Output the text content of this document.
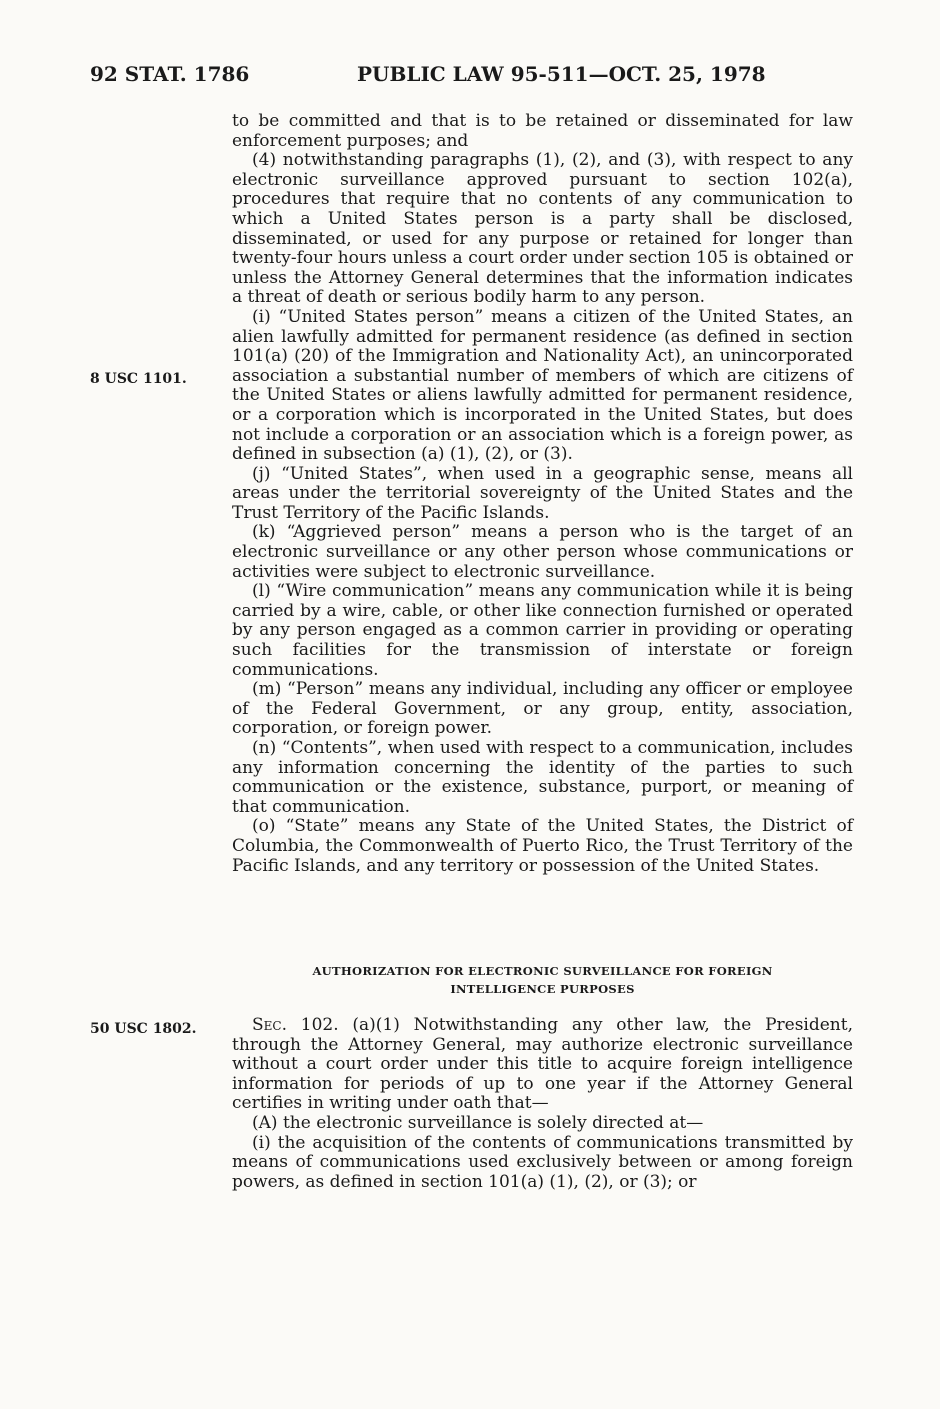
92 STAT. 1786	PUBLIC LAW 95-511—OCT. 25, 1978
8 USC 1101.
50 USC 1802.

to be committed and that is to be retained or disseminated for law enforcement purposes; and

(4) notwithstanding paragraphs (1), (2), and (3), with respect to any electronic surveillance approved pursuant to section 102(a), procedures that require that no contents of any communication to which a United States person is a party shall be disclosed, disseminated, or used for any purpose or retained for longer than twenty-four hours unless a court order under section 105 is obtained or unless the Attorney General determines that the information indicates a threat of death or serious bodily harm to any person.

(i) “United States person” means a citizen of the United States, an alien lawfully admitted for permanent residence (as defined in section 101(a) (20) of the Immigration and Nationality Act), an unincorporated association a substantial number of members of which are citizens of the United States or aliens lawfully admitted for permanent residence, or a corporation which is incorporated in the United States, but does not include a corporation or an association which is a foreign power, as defined in subsection (a) (1), (2), or (3).

(j) “United States”, when used in a geographic sense, means all areas under the territorial sovereignty of the United States and the Trust Territory of the Pacific Islands.

(k) “Aggrieved person” means a person who is the target of an electronic surveillance or any other person whose communications or activities were subject to electronic surveillance.

(l) “Wire communication” means any communication while it is being carried by a wire, cable, or other like connection furnished or operated by any person engaged as a common carrier in providing or operating such facilities for the transmission of interstate or foreign communications.

(m) “Person” means any individual, including any officer or employee of the Federal Government, or any group, entity, association, corporation, or foreign power.

(n) “Contents”, when used with respect to a communication, includes any information concerning the identity of the parties to such communication or the existence, substance, purport, or meaning of that communication.

(o) “State” means any State of the United States, the District of Columbia, the Commonwealth of Puerto Rico, the Trust Territory of the Pacific Islands, and any territory or possession of the United States.

AUTHORIZATION FOR ELECTRONIC SURVEILLANCE FOR FOREIGN
INTELLIGENCE PURPOSES

Sec. 102. (a)(1) Notwithstanding any other law, the President, through the Attorney General, may authorize electronic surveillance without a court order under this title to acquire foreign intelligence information for periods of up to one year if the Attorney General certifies in writing under oath that—

(A) the electronic surveillance is solely directed at—

(i) the acquisition of the contents of communications transmitted by means of communications used exclusively between or among foreign powers, as defined in section 101(a) (1), (2), or (3); or
